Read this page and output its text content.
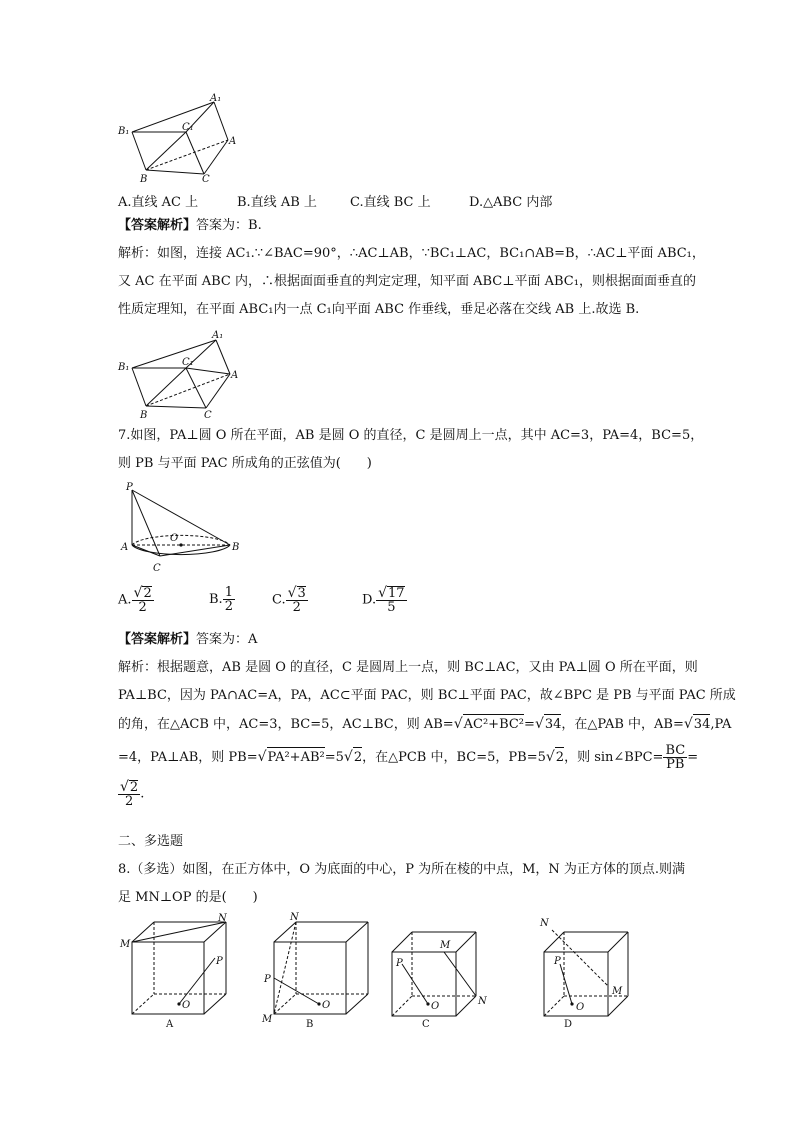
A₁
B₁	C₁
A
B	C
A.直线 AC 上	B.直线 AB 上	C.直线 BC 上	D.△ABC 内部
【答案解析】答案为：B.
解析：如图，连接 AC₁.∵∠BAC=90°，∴AC⊥AB，∵BC₁⊥AC，BC₁∩AB=B，∴AC⊥平面 ABC₁，
又 AC 在平面 ABC 内，∴根据面面垂直的判定定理，知平面 ABC⊥平面 ABC₁，则根据面面垂直的
性质定理知，在平面 ABC₁内一点 C₁向平面 ABC 作垂线，垂足必落在交线 AB 上.故选 B.
A₁
B₁	C₁
A
B	C
7.如图，PA⊥圆 O 所在平面，AB 是圆 O 的直径，C 是圆周上一点，其中 AC=3，PA=4，BC=5，
则 PB 与平面 PAC 所成角的正弦值为(　　)
P
A
O
B
C
A. $\frac{√2}{2}$	B. $\frac{1}{2}$	C. $\frac{√3}{2}$	D. $\frac{√17}{5}$
【答案解析】答案为：A
解析：根据题意，AB 是圆 O 的直径，C 是圆周上一点，则 BC⊥AC，又由 PA⊥圆 O 所在平面，则
PA⊥BC，因为 PA∩AC=A，PA，AC⊂平面 PAC，则 BC⊥平面 PAC，故∠BPC 是 PB 与平面 PAC 所成
的角，在△ACB 中，AC=3，BC=5，AC⊥BC，则 AB=√AC²+BC²=√34，在△PAB 中，AB=√34,PA
=4，PA⊥AB，则 PB=√PA²+AB²=5√2，在△PCB 中，BC=5，PB=5√2，则 sin∠BPC= $\frac{BC}{PB}$ =
$\frac{√2}{2}$ .
二、多选题
8.（多选）如图，在正方体中，O 为底面的中心，P 为所在棱的中点，M，N 为正方体的顶点.则满
足 MN⊥OP 的是(　　)
M
N
P
O
A
N
P
M
O
B
M
N
P
O
C
N
M
P
O
D
